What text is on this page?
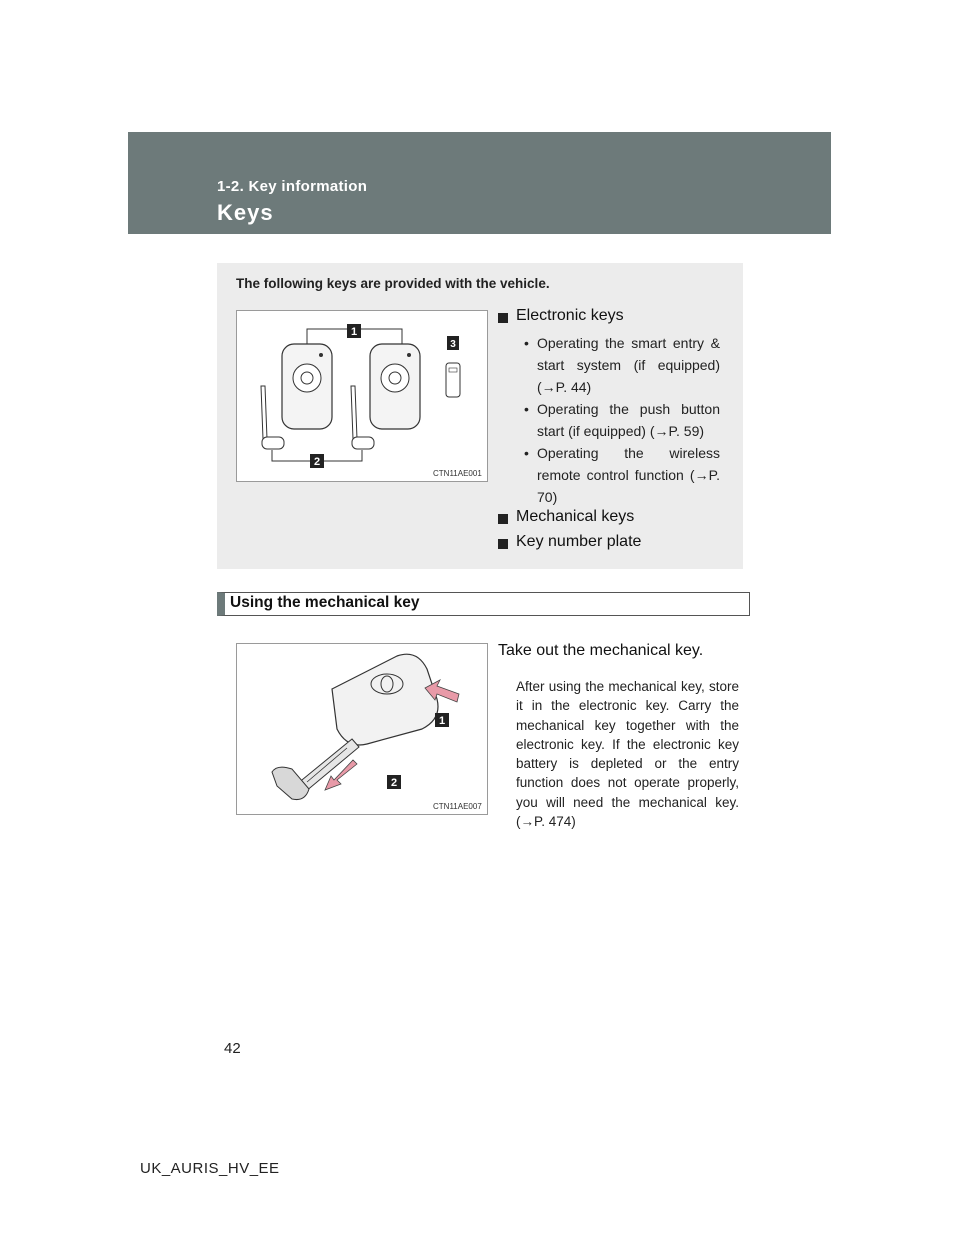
1-2. Key information
Keys
The following keys are provided with the vehicle.
1
2
3
CTN11AE001
Electronic keys
• Operating the smart entry & start system (if equipped) (→P. 44)
• Operating the push button start (if equipped) (→P. 59)
• Operating the wireless remote control function (→P. 70)
Mechanical keys
Key number plate
Using the mechanical key
1
2
CTN11AE007
Take out the mechanical key.
After using the mechanical key, store it in the electronic key. Carry the mechanical key together with the electronic key. If the electronic key battery is depleted or the entry function does not operate properly, you will need the mechanical key. (→P. 474)
42
UK_AURIS_HV_EE
